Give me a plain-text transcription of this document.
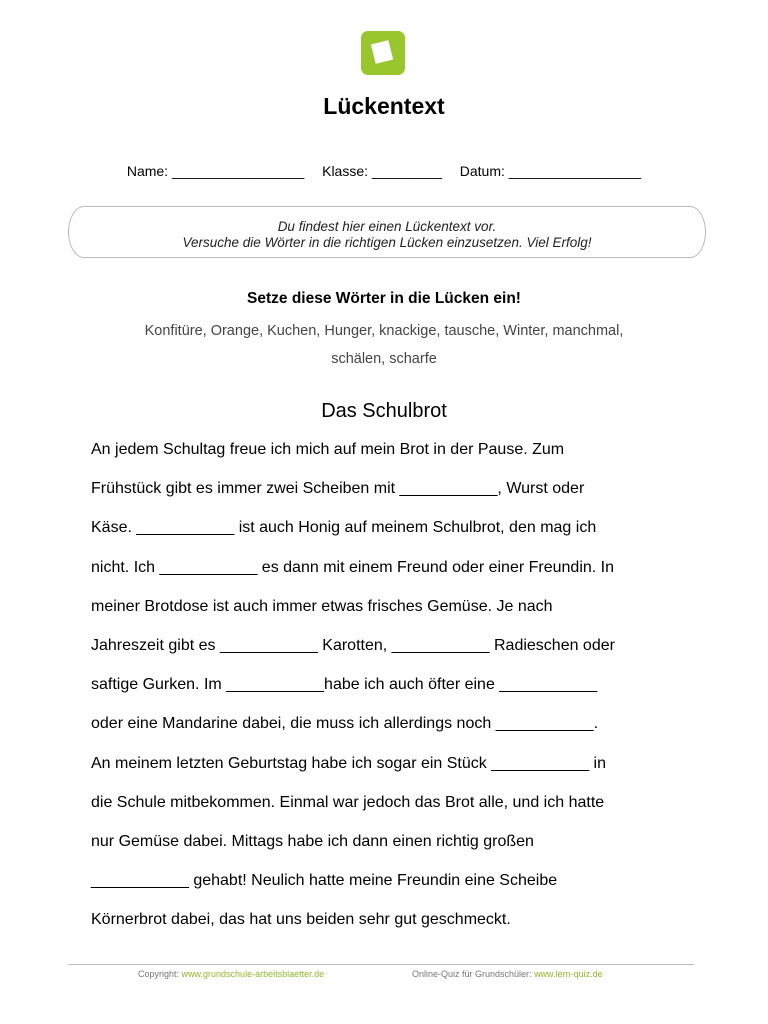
Lückentext
Name: _________________ Klasse: _________ Datum: _________________
Du findest hier einen Lückentext vor.
Versuche die Wörter in die richtigen Lücken einzusetzen. Viel Erfolg!
Setze diese Wörter in die Lücken ein!
Konfitüre, Orange, Kuchen, Hunger, knackige, tausche, Winter, manchmal,
schälen, scharfe
Das Schulbrot
An jedem Schultag freue ich mich auf mein Brot in der Pause. Zum
Frühstück gibt es immer zwei Scheiben mit ___________, Wurst oder
Käse. ___________ ist auch Honig auf meinem Schulbrot, den mag ich
nicht. Ich ___________ es dann mit einem Freund oder einer Freundin. In
meiner Brotdose ist auch immer etwas frisches Gemüse. Je nach
Jahreszeit gibt es ___________ Karotten, ___________ Radieschen oder
saftige Gurken. Im ___________habe ich auch öfter eine ___________
oder eine Mandarine dabei, die muss ich allerdings noch ___________.
An meinem letzten Geburtstag habe ich sogar ein Stück ___________ in
die Schule mitbekommen. Einmal war jedoch das Brot alle, und ich hatte
nur Gemüse dabei. Mittags habe ich dann einen richtig großen
___________ gehabt! Neulich hatte meine Freundin eine Scheibe
Körnerbrot dabei, das hat uns beiden sehr gut geschmeckt.
Copyright: www.grundschule-arbeitsblaetter.de	Online-Quiz für Grundschüler: www.lern-quiz.de
